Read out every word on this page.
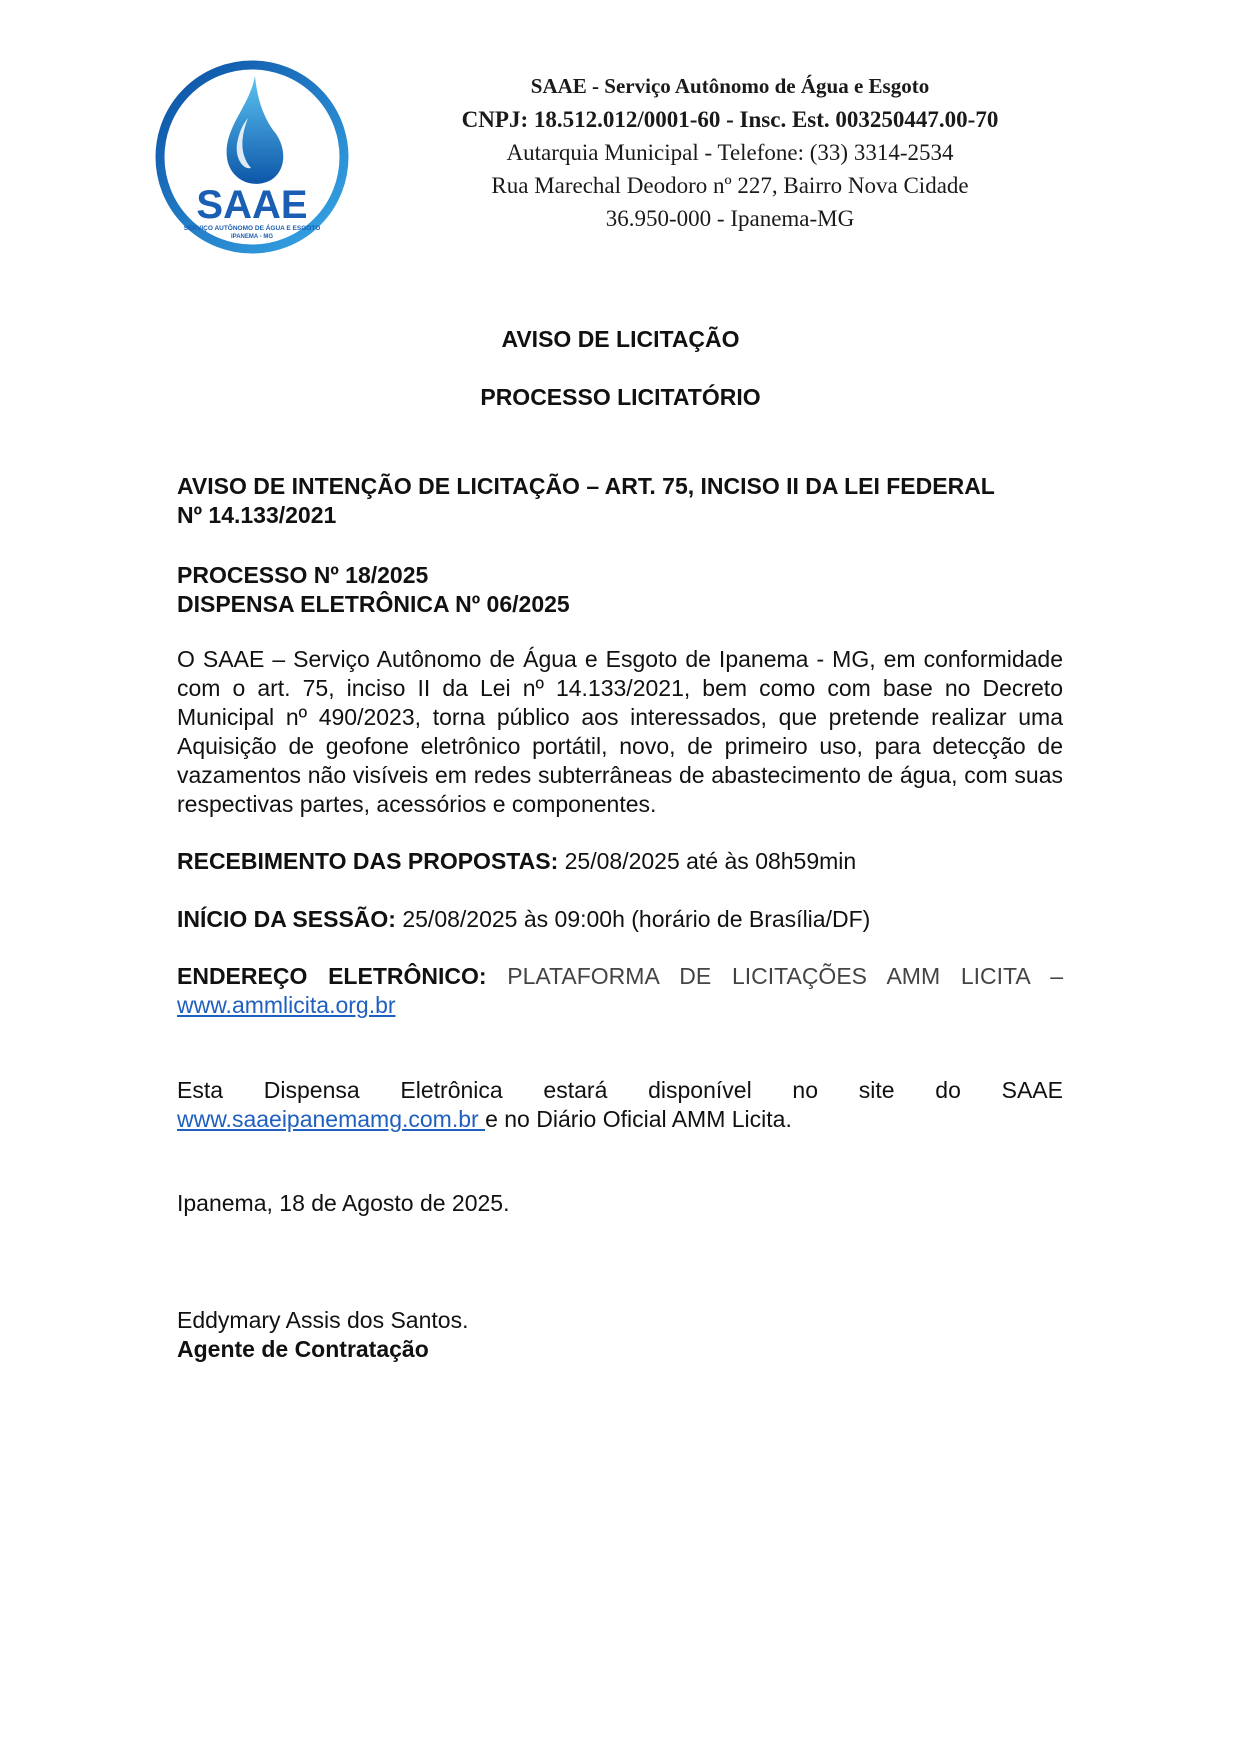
SAAE
SERVIÇO AUTÔNOMO DE ÁGUA E ESGOTO
IPANEMA - MG
SAAE - Serviço Autônomo de Água e Esgoto
CNPJ: 18.512.012/0001-60 - Insc. Est. 003250447.00-70
Autarquia Municipal - Telefone: (33) 3314-2534
Rua Marechal Deodoro nº 227, Bairro Nova Cidade
36.950-000 - Ipanema-MG
AVISO DE LICITAÇÃO
PROCESSO LICITATÓRIO
AVISO DE INTENÇÃO DE LICITAÇÃO – ART. 75, INCISO II DA LEI FEDERAL
Nº 14.133/2021
PROCESSO Nº 18/2025
DISPENSA ELETRÔNICA Nº 06/2025
O SAAE – Serviço Autônomo de Água e Esgoto de Ipanema - MG, em conformidade com o art. 75, inciso II da Lei nº 14.133/2021, bem como com base no Decreto Municipal nº 490/2023, torna público aos interessados, que pretende realizar uma Aquisição de geofone eletrônico portátil, novo, de primeiro uso, para detecção de vazamentos não visíveis em redes subterrâneas de abastecimento de água, com suas respectivas partes, acessórios e componentes.
RECEBIMENTO DAS PROPOSTAS: 25/08/2025 até às 08h59min
INÍCIO DA SESSÃO: 25/08/2025 às 09:00h (horário de Brasília/DF)
ENDEREÇO ELETRÔNICO: PLATAFORMA DE LICITAÇÕES AMM LICITA –
www.ammlicita.org.br
Esta Dispensa Eletrônica estará disponível no site do SAAE
www.saaeipanemamg.com.br e no Diário Oficial AMM Licita.
Ipanema, 18 de Agosto de 2025.
Eddymary Assis dos Santos.
Agente de Contratação
